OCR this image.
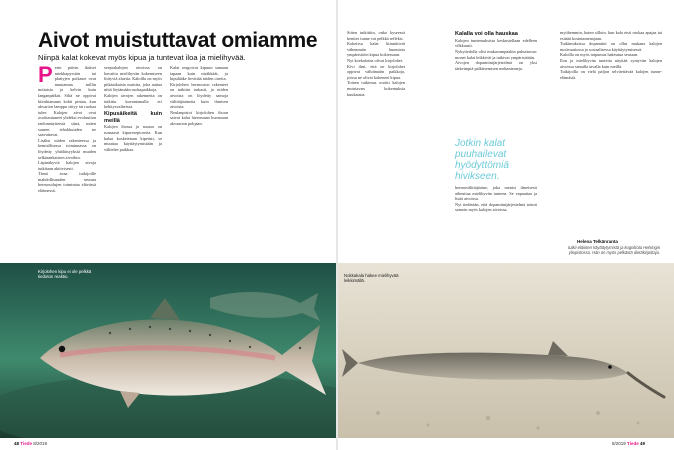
Aivot muistuttavat omiamme
Niinpä kalat kokevat myös kipua ja tuntevat iloa ja mielihyvää.
P erin päivin ikäiset miekkapyrstön tai plattyjen poikaset ovat muutaman millin mittaisia ja kelvin kuin langanpätkät. Siltä ne oppivat kiiruhtamaan kohti pintaa, kun akvarion lamppu sittyy tai ruokaa tulee. Kalojen aivot ovat osoittautuneet yhdeksi evoluution taidonnäytteistä siinä, miten suuren tehokkuuden ne saavuttavat.

Lisäksi niiden rakenteessa ja kemiallisessa toiminnassa on löydetty yhtäläisyyksiä muiden selkärankaisten aivoihin.

Läpinäkyviä kalojen aivoja tutkitaan aktiivisesti.

Tämä avaa tutkijoille mahdollisuuden seurata hermosolujen toimintaa elävässä eläimessä.

seeprakalojen aivoissa on havaittu mielihyvän kokemiseen liittyviä alueita. Kaloilla on myös pitkäaikaista muistia, joka auttaa niitä löytämään ruokapaikkoja.

Kalojen aivojen rakennetta on tutkittu kuvantamalla eri kehitysvaiheissa.

Kipusäikeitä kuin meillä

Kalojen ihossa ja suussa on runsaasti kipureseptoreita. Kun kalaa kosketetaan kipeästi, se muuttaa käyttäytymistään ja välttelee paikkaa.

Kalat reagoivat kipuun samaan tapaan kuin nisäkkäät, ja kipulääke lievittää niiden oireita.

Kirjolohen hermoston rakenteet on tutkittu tarkasti, ja niiden aivoista on löydetty samoja välittäjäaineita kuin ihmisen aivoista.

Neulanpistot kirjolohen ihoon saivat kalat hieromaan kuonoaan akvaarion pohjaan.

Sitten tutkittiin, onko kyseessä kenties tunne vai pelkkä refleksi.

Kokeissa kalat kiinnittivät vähemmän huomiota ympäristöön kipua kokiessaan.

Nyt koekaloina olivat kirjolohet.

Kivi ilmi, että ne kirjolohet oppivat välttämään paikkoja, joissa ne olivat kokeneet kipua.

Toinen tutkimus osoitti kalojen muistavan kokemuksia kuukausia.

Kalalla voi olla hauskaa

Kalojen tuntemuksista keskustellaan edelleen vilkkaasti.

Nykytiedolla olisi mukavampaakin puhuttavaa: monet kalat leikkivät ja tutkivat ympäristöään.

Aivojen dopamiinijärjestelmä on yksi tärkeimpiä palkitsemisen mekanismeja.

Jotkin kalat puuhailevat hyödyttömiä hivikseen.

hermovälittäjäaine, joka mentsi ilmeisesti aiheuttaa mielihyvän tunteen. Se vapauttaa ja lisää aivoissa.

Nyt tiedetään, että dopamiinijärjestelmä toimii samoin myös kalojen aivoissa.

myöhemmin, kuten silloin, kun kala etsii ruokaa apajaa tai esittää kosintamenojaan.

Tutkimuksissa dopamiini on ollut mukana kalojen motivaatiossa ja sosiaalisessa käyttäytymisessä.

Kaloilla on myös taipumus hakeutua seuraan.

Ilon ja mielihyvän tunteita näyttää syntyvän kalojen aivoissa samalla tavalla kuin meillä.

Tutkijoilla on vielä paljon selvitettävää kalojen tunne-elämästä.

Helena Telkänranta
tutkii eläinten käyttäytymistä ja kognitiota Helsingin yliopistossa. Hän on myös pelkästä dietäkirjoittaja.
Kirjolohen kipu ei ole pelkkä tiedoton reaktio.	Nokkakala hakee mielihyvää leikkimällä.
48 Tiede 8/2019	8/2019 Tiede 49
